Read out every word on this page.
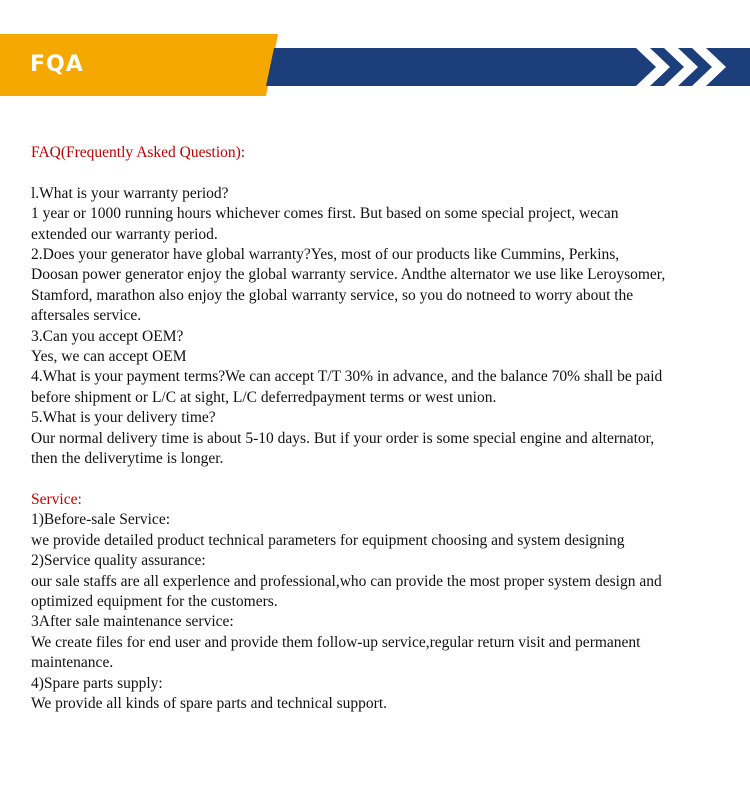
FQA
FAQ(Frequently Asked Question):
l.What is your warranty period?
1 year or 1000 running hours whichever comes first. But based on some special project, wecan
extended our warranty period.
2.Does your generator have global warranty?Yes, most of our products like Cummins, Perkins,
Doosan power generator enjoy the global warranty service. Andthe alternator we use like Leroysomer,
Stamford, marathon also enjoy the global warranty service, so you do notneed to worry about the
aftersales service.
3.Can you accept OEM?
Yes, we can accept OEM
4.What is your payment terms?We can accept T/T 30% in advance, and the balance 70% shall be paid
before shipment or L/C at sight, L/C deferredpayment terms or west union.
5.What is your delivery time?
Our normal delivery time is about 5-10 days. But if your order is some special engine and alternator,
then the deliverytime is longer.
Service:
1)Before-sale Service:
we provide detailed product technical parameters for equipment choosing and system designing
2)Service quality assurance:
our sale staffs are all experlence and professional,who can provide the most proper system design and
optimized equipment for the customers.
3After sale maintenance service:
We create files for end user and provide them follow-up service,regular return visit and permanent
maintenance.
4)Spare parts supply:
We provide all kinds of spare parts and technical support.
